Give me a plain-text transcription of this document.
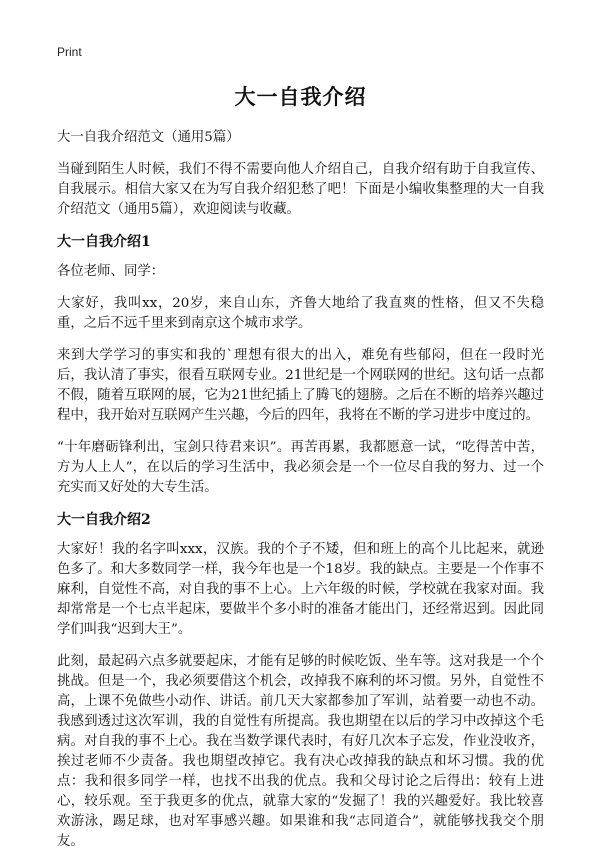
Print
大一自我介绍
大一自我介绍范文（通用5篇）

当碰到陌生人时候，我们不得不需要向他人介绍自己，自我介绍有助于自我宣传、自我展示。相信大家又在为写自我介绍犯愁了吧！下面是小编收集整理的大一自我介绍范文（通用5篇），欢迎阅读与收藏。

大一自我介绍1

各位老师、同学：

大家好，我叫xx，20岁，来自山东，齐鲁大地给了我直爽的性格，但又不失稳重，之后不远千里来到南京这个城市求学。

来到大学学习的事实和我的`理想有很大的出入，难免有些郁闷，但在一段时光后，我认清了事实，很看互联网专业。21世纪是一个网联网的世纪。这句话一点都不假，随着互联网的展，它为21世纪插上了腾飞的翅膀。之后在不断的培养兴趣过程中，我开始对互联网产生兴趣，今后的四年，我将在不断的学习进步中度过的。

“十年磨砺锋利出，宝剑只待君来识”。再苦再累，我都愿意一试，“吃得苦中苦，方为人上人”，在以后的学习生活中，我必须会是一个一位尽自我的努力、过一个充实而又好处的大专生活。

大一自我介绍2

大家好！我的名字叫xxx，汉族。我的个子不矮，但和班上的高个儿比起来，就逊色多了。和大多数同学一样，我今年也是一个18岁。我的缺点。主要是一个作事不麻利，自觉性不高，对自我的事不上心。上六年级的时候，学校就在我家对面。我却常常是一个七点半起床，要做半个多小时的准备才能出门，还经常迟到。因此同学们叫我“迟到大王”。

此刻，最起码六点多就要起床，才能有足够的时候吃饭、坐车等。这对我是一个个挑战。但是一个，我必须要借这个机会，改掉我不麻利的坏习惯。另外，自觉性不高，上课不免做些小动作、讲话。前几天大家都参加了军训，站着要一动也不动。我感到透过这次军训，我的自觉性有所提高。我也期望在以后的学习中改掉这个毛病。对自我的事不上心。我在当数学课代表时，有好几次本子忘发，作业没收齐，挨过老师不少责备。我也期望改掉它。我有决心改掉我的缺点和坏习惯。我的优点：我和很多同学一样，也找不出我的优点。我和父母讨论之后得出：较有上进心，较乐观。至于我更多的优点，就靠大家的“发掘了！我的兴趣爱好。我比较喜欢游泳，踢足球，也对军事感兴趣。如果谁和我“志同道合”，就能够找我交个朋友。
